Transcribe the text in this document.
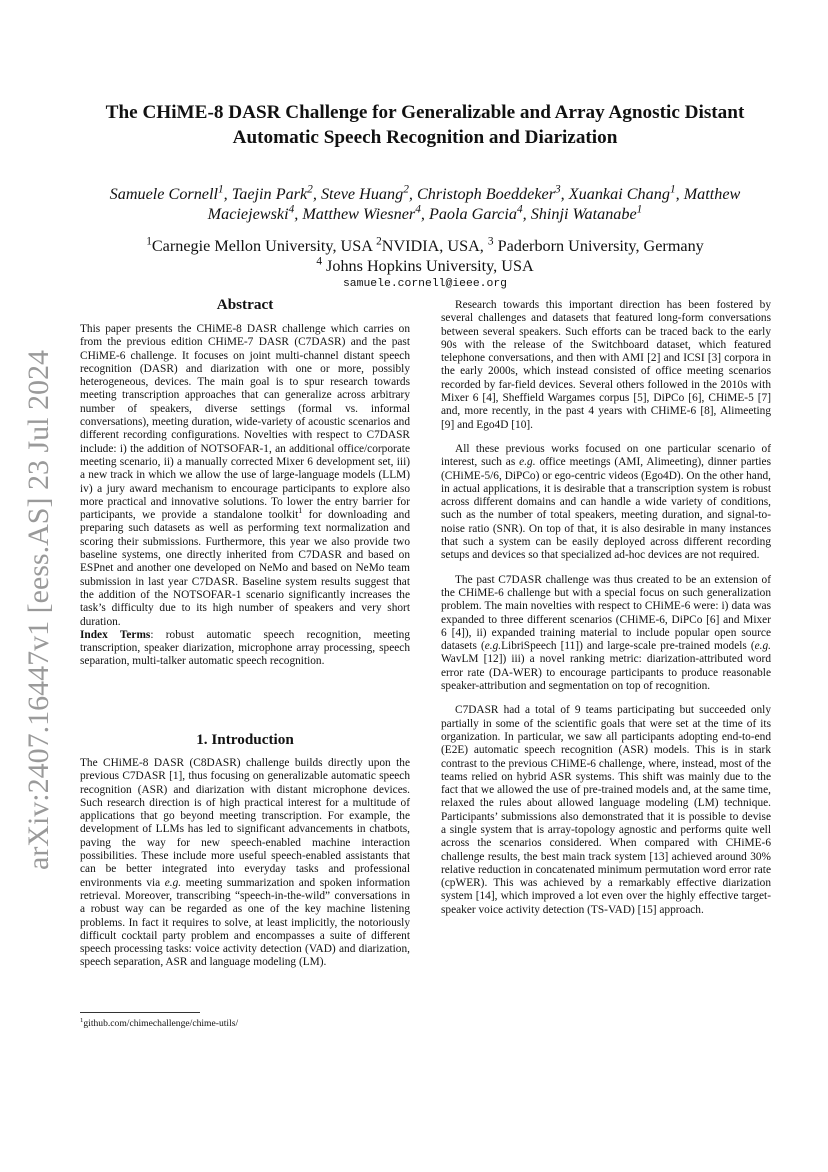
arXiv:2407.16447v1 [eess.AS] 23 Jul 2024
The CHiME-8 DASR Challenge for Generalizable and Array Agnostic Distant
Automatic Speech Recognition and Diarization
Samuele Cornell$^1$, Taejin Park$^2$, Steve Huang$^2$, Christoph Boeddeker$^3$, Xuankai Chang$^1$, Matthew
Maciejewski$^4$, Matthew Wiesner$^4$, Paola Garcia$^4$, Shinji Watanabe$^1$
$^1$Carnegie Mellon University, USA $^2$NVIDIA, USA, $^3$ Paderborn University, Germany
$^4$ Johns Hopkins University, USA
samuele.cornell@ieee.org
Abstract

This paper presents the CHiME-8 DASR challenge which carries on from the previous edition CHiME-7 DASR (C7DASR) and the past CHiME-6 challenge. It focuses on joint multi-channel distant speech recognition (DASR) and diarization with one or more, possibly heterogeneous, devices. The main goal is to spur research towards meeting transcription approaches that can generalize across arbitrary number of speakers, diverse settings (formal vs. informal conversations), meeting duration, wide-variety of acoustic scenarios and different recording configurations. Novelties with respect to C7DASR include: i) the addition of NOTSOFAR-1, an additional office/corporate meeting scenario, ii) a manually corrected Mixer 6 development set, iii) a new track in which we allow the use of large-language models (LLM) iv) a jury award mechanism to encourage participants to explore also more practical and innovative solutions. To lower the entry barrier for participants, we provide a standalone toolkit$^1$ for downloading and preparing such datasets as well as performing text normalization and scoring their submissions. Furthermore, this year we also provide two baseline systems, one directly inherited from C7DASR and based on ESPnet and another one developed on NeMo and based on NeMo team submission in last year C7DASR. Baseline system results suggest that the addition of the NOTSOFAR-1 scenario significantly increases the task’s difficulty due to its high number of speakers and very short duration.

Index Terms: robust automatic speech recognition, meeting transcription, speaker diarization, microphone array processing, speech separation, multi-talker automatic speech recognition.

1. Introduction

The CHiME-8 DASR (C8DASR) challenge builds directly upon the previous C7DASR [1], thus focusing on generalizable automatic speech recognition (ASR) and diarization with distant microphone devices. Such research direction is of high practical interest for a multitude of applications that go beyond meeting transcription. For example, the development of LLMs has led to significant advancements in chatbots, paving the way for new speech-enabled machine interaction possibilities. These include more useful speech-enabled assistants that can be better integrated into everyday tasks and professional environments via e.g. meeting summarization and spoken information retrieval. Moreover, transcribing “speech-in-the-wild” conversations in a robust way can be regarded as one of the key machine listening problems. In fact it requires to solve, at least implicitly, the notoriously difficult cocktail party problem and encompasses a suite of different speech processing tasks: voice activity detection (VAD) and diarization, speech separation, ASR and language modeling (LM).

$^1$github.com/chimechallenge/chime-utils/

Research towards this important direction has been fostered by several challenges and datasets that featured long-form conversations between several speakers. Such efforts can be traced back to the early 90s with the release of the Switchboard dataset, which featured telephone conversations, and then with AMI [2] and ICSI [3] corpora in the early 2000s, which instead consisted of office meeting scenarios recorded by far-field devices. Several others followed in the 2010s with Mixer 6 [4], Sheffield Wargames corpus [5], DiPCo [6], CHiME-5 [7] and, more recently, in the past 4 years with CHiME-6 [8], Alimeeting [9] and Ego4D [10].

All these previous works focused on one particular scenario of interest, such as e.g. office meetings (AMI, Alimeeting), dinner parties (CHiME-5/6, DiPCo) or ego-centric videos (Ego4D). On the other hand, in actual applications, it is desirable that a transcription system is robust across different domains and can handle a wide variety of conditions, such as the number of total speakers, meeting duration, and signal-to-noise ratio (SNR). On top of that, it is also desirable in many instances that such a system can be easily deployed across different recording setups and devices so that specialized ad-hoc devices are not required.

The past C7DASR challenge was thus created to be an extension of the CHiME-6 challenge but with a special focus on such generalization problem. The main novelties with respect to CHiME-6 were: i) data was expanded to three different scenarios (CHiME-6, DiPCo [6] and Mixer 6 [4]), ii) expanded training material to include popular open source datasets (e.g.LibriSpeech [11]) and large-scale pre-trained models (e.g. WavLM [12]) iii) a novel ranking metric: diarization-attributed word error rate (DA-WER) to encourage participants to produce reasonable speaker-attribution and segmentation on top of recognition.

C7DASR had a total of 9 teams participating but succeeded only partially in some of the scientific goals that were set at the time of its organization. In particular, we saw all participants adopting end-to-end (E2E) automatic speech recognition (ASR) models. This is in stark contrast to the previous CHiME-6 challenge, where, instead, most of the teams relied on hybrid ASR systems. This shift was mainly due to the fact that we allowed the use of pre-trained models and, at the same time, relaxed the rules about allowed language modeling (LM) technique. Participants’ submissions also demonstrated that it is possible to devise a single system that is array-topology agnostic and performs quite well across the scenarios considered. When compared with CHiME-6 challenge results, the best main track system [13] achieved around 30% relative reduction in concatenated minimum permutation word error rate (cpWER). This was achieved by a remarkably effective diarization system [14], which improved a lot even over the highly effective target-speaker voice activity detection (TS-VAD) [15] approach.
